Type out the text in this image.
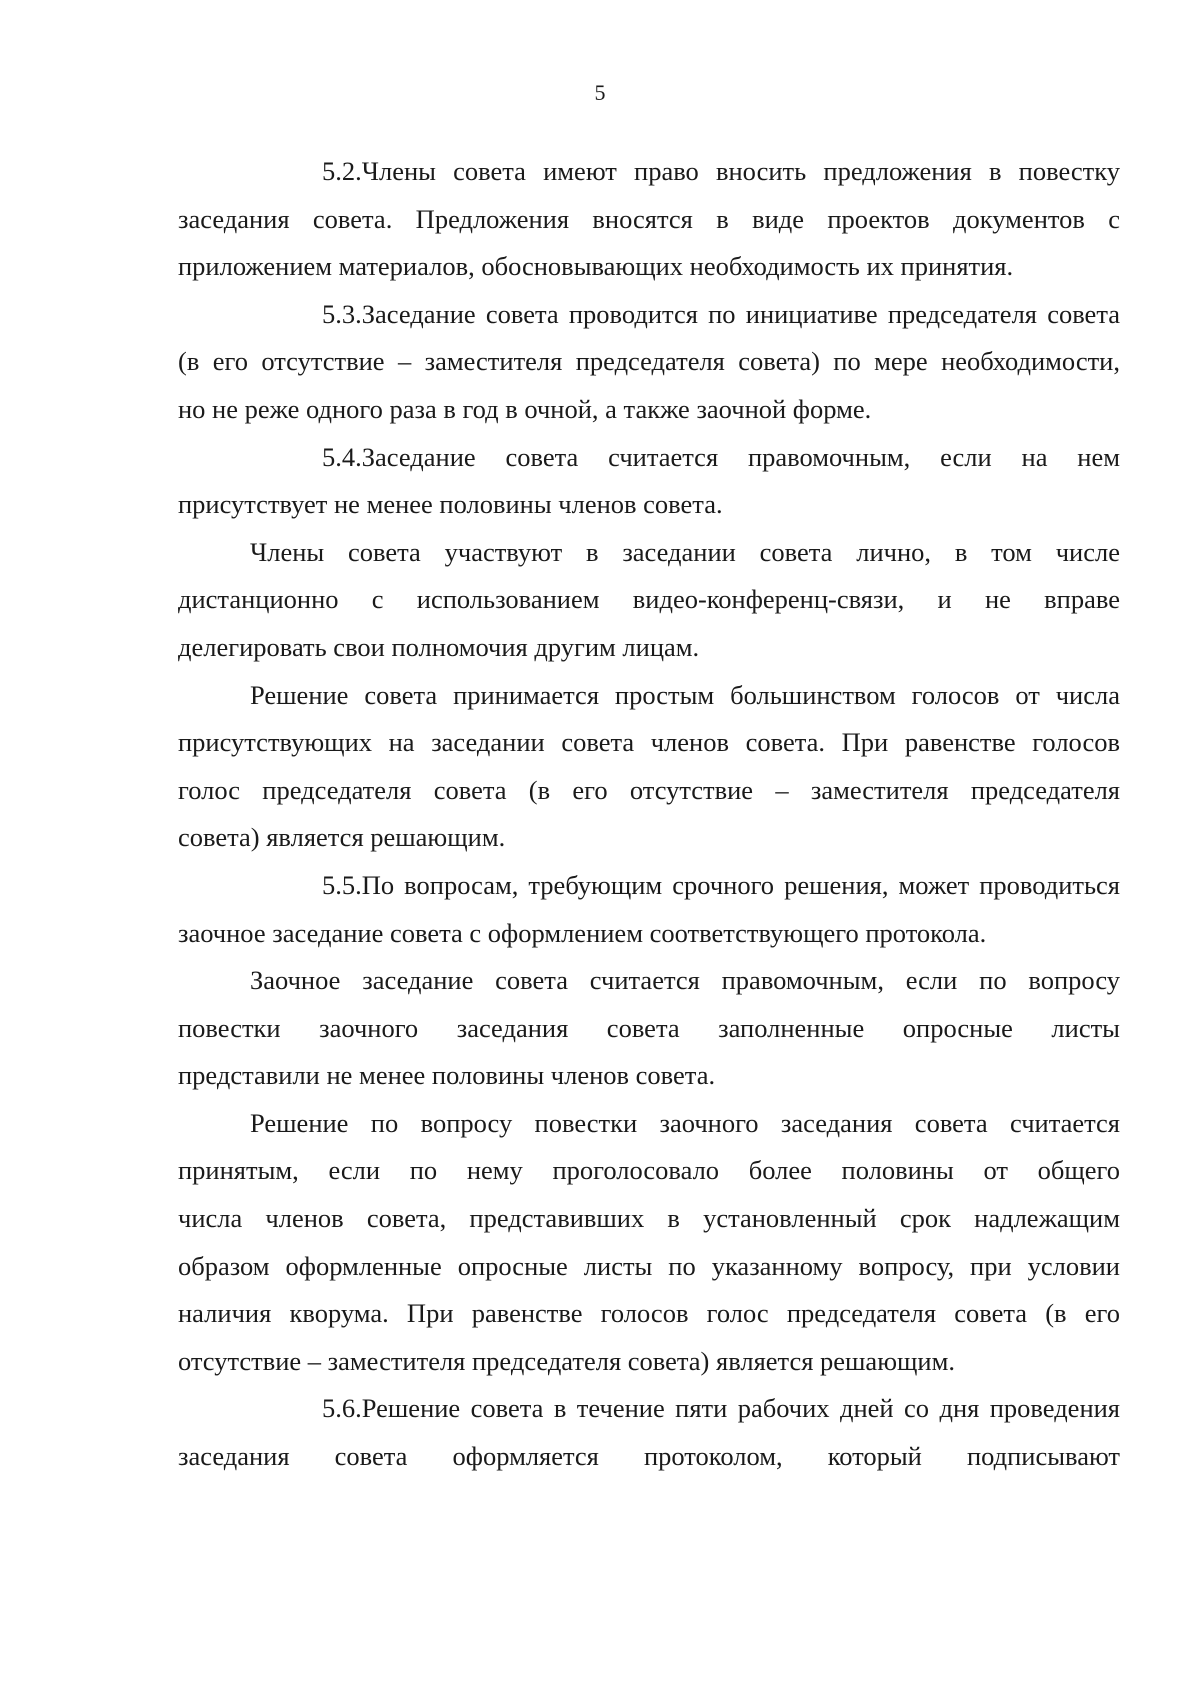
5
5.2.Члены совета имеют право вносить предложения в повестку
заседания совета. Предложения вносятся в виде проектов документов с
приложением материалов, обосновывающих необходимость их принятия.
5.3.Заседание совета проводится по инициативе председателя совета
(в его отсутствие – заместителя председателя совета) по мере необходимости,
но не реже одного раза в год в очной, а также заочной форме.
5.4.Заседание совета считается правомочным, если на нем
присутствует не менее половины членов совета.
Члены совета участвуют в заседании совета лично, в том числе
дистанционно с использованием видео-конференц-связи, и не вправе
делегировать свои полномочия другим лицам.
Решение совета принимается простым большинством голосов от числа
присутствующих на заседании совета членов совета. При равенстве голосов
голос председателя совета (в его отсутствие – заместителя председателя
совета) является решающим.
5.5.По вопросам, требующим срочного решения, может проводиться
заочное заседание совета с оформлением соответствующего протокола.
Заочное заседание совета считается правомочным, если по вопросу
повестки заочного заседания совета заполненные опросные листы
представили не менее половины членов совета.
Решение по вопросу повестки заочного заседания совета считается
принятым, если по нему проголосовало более половины от общего
числа членов совета, представивших в установленный срок надлежащим
образом оформленные опросные листы по указанному вопросу, при условии
наличия кворума. При равенстве голосов голос председателя совета (в его
отсутствие – заместителя председателя совета) является решающим.
5.6.Решение совета в течение пяти рабочих дней со дня проведения
заседания совета оформляется протоколом, который подписывают
